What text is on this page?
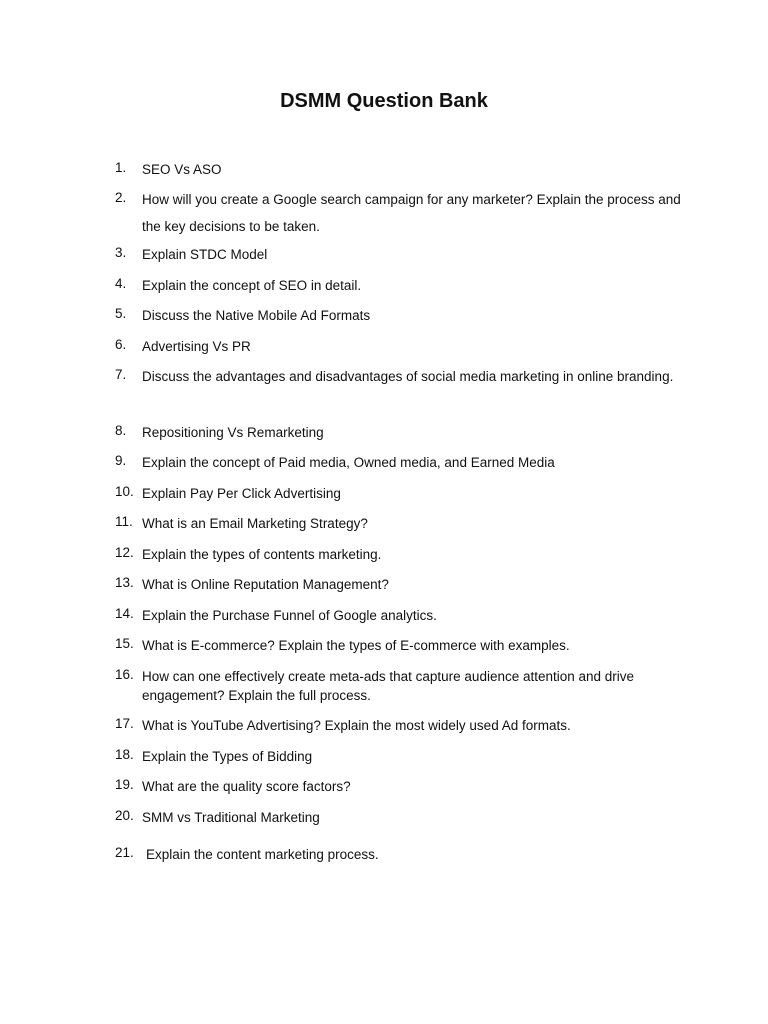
DSMM Question Bank
1. SEO Vs ASO
2. How will you create a Google search campaign for any marketer? Explain the process and the key decisions to be taken.
3. Explain STDC Model
4. Explain the concept of SEO in detail.
5. Discuss the Native Mobile Ad Formats
6. Advertising Vs PR
7. Discuss the advantages and disadvantages of social media marketing in online branding.
8. Repositioning Vs Remarketing
9. Explain the concept of Paid media, Owned media, and Earned Media
10. Explain Pay Per Click Advertising
11. What is an Email Marketing Strategy?
12. Explain the types of contents marketing.
13. What is Online Reputation Management?
14. Explain the Purchase Funnel of Google analytics.
15. What is E-commerce? Explain the types of E-commerce with examples.
16. How can one effectively create meta-ads that capture audience attention and drive engagement? Explain the full process.
17. What is YouTube Advertising? Explain the most widely used Ad formats.
18. Explain the Types of Bidding
19. What are the quality score factors?
20. SMM vs Traditional Marketing
21. Explain the content marketing process.
